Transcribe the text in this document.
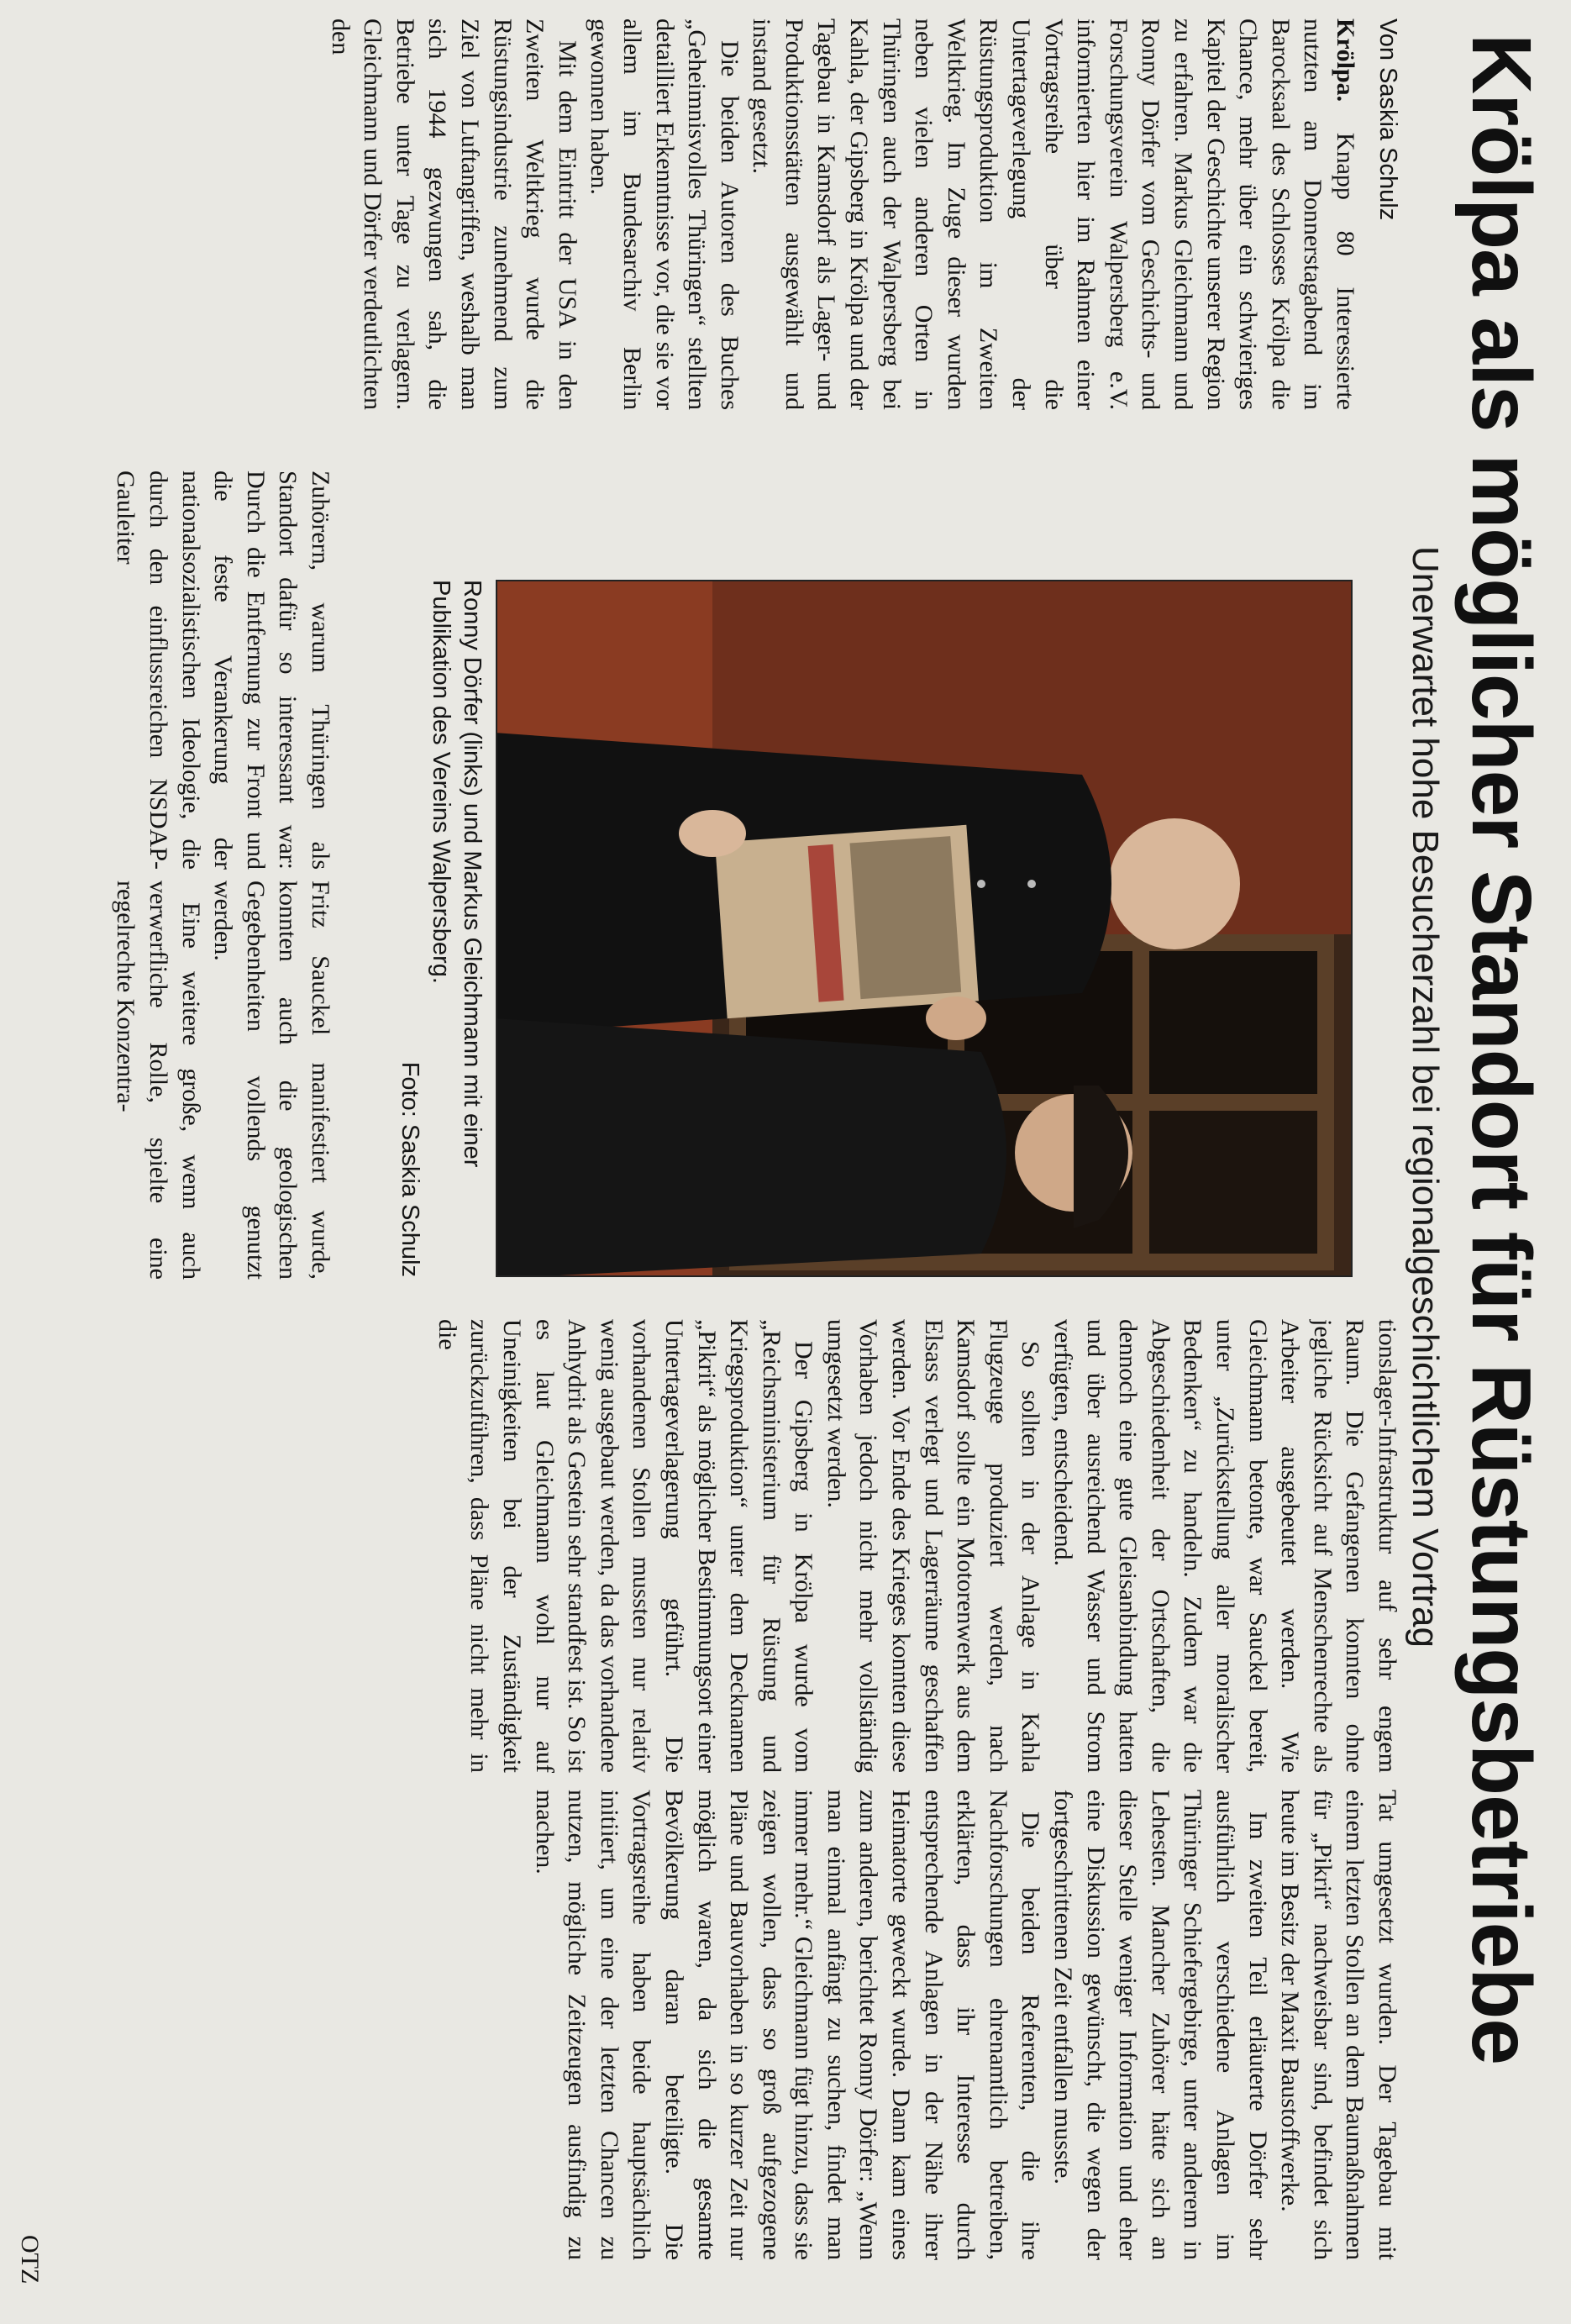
Krölpa als möglicher Standort für Rüstungsbetriebe
Unerwartet hohe Besucherzahl bei regionalgeschichtlichem Vortrag
Von Saskia Schulz

Krölpa. Knapp 80 Interessierte nutzten am Donnerstagabend im Barocksaal des Schlosses Krölpa die Chance, mehr über ein schwieriges Kapitel der Geschichte unserer Region zu erfahren. Markus Gleichmann und Ronny Dörfer vom Geschichts- und Forschungsverein Walpersberg e.V. informierten hier im Rahmen einer Vortragsreihe über die Untertageverlegung der Rüstungsproduktion im Zweiten Weltkrieg. Im Zuge dieser wurden neben vielen anderen Orten in Thüringen auch der Walpersberg bei Kahla, der Gipsberg in Krölpa und der Tagebau in Kamsdorf als Lager- und Produktionsstätten ausgewählt und instand gesetzt.

Die beiden Autoren des Buches „Geheimnisvolles Thüringen“ stellten detailliert Erkenntnisse vor, die sie vor allem im Bundesarchiv Berlin gewonnen haben.

Mit dem Eintritt der USA in den Zweiten Weltkrieg wurde die Rüstungsindustrie zunehmend zum Ziel von Luftangriffen, weshalb man sich 1944 gezwungen sah, die Betriebe unter Tage zu verlagern. Gleichmann und Dörfer verdeutlichten den

Ronny Dörfer (links) und Markus Gleichmann mit einer Publikation des Vereins Walpersberg.
Foto: Saskia Schulz

Zuhörern, warum Thüringen als Standort dafür so interessant war: Durch die Entfernung zur Front und die feste Verankerung der nationalsozialistischen Ideologie, die durch den einflussreichen NSDAP-Gauleiter

Fritz Sauckel manifestiert wurde, konnten auch die geologischen Gegebenheiten vollends genutzt werden.

Eine weitere große, wenn auch verwerfliche Rolle, spielte eine regelrechte Konzentra-

tionslager-Infrastruktur auf sehr engem Raum. Die Gefangenen konnten ohne jegliche Rücksicht auf Menschenrechte als Arbeiter ausgebeutet werden. Wie Gleichmann betonte, war Sauckel bereit, unter „Zurückstellung aller moralischer Bedenken“ zu handeln. Zudem war die Abgeschiedenheit der Ortschaften, die dennoch eine gute Gleisanbindung hatten und über ausreichend Wasser und Strom verfügten, entscheidend.

So sollten in der Anlage in Kahla Flugzeuge produziert werden, nach Kamsdorf sollte ein Motorenwerk aus dem Elsass verlegt und Lagerräume geschaffen werden. Vor Ende des Krieges konnten diese Vorhaben jedoch nicht mehr vollständig umgesetzt werden.

Der Gipsberg in Krölpa wurde vom „Reichsministerium für Rüstung und Kriegsproduktion“ unter dem Decknamen „Pikrit“ als möglicher Bestimmungsort einer Untertageverlagerung geführt. Die vorhandenen Stollen mussten nur relativ wenig ausgebaut werden, da das vorhandene Anhydrit als Gestein sehr standfest ist. So ist es laut Gleichmann wohl nur auf Uneinigkeiten bei der Zuständigkeit zurückzuführen, dass Pläne nicht mehr in die

Tat umgesetzt wurden. Der Tagebau mit einem letzten Stollen an dem Baumaßnahmen für „Pikrit“ nachweisbar sind, befindet sich heute im Besitz der Maxit Baustoffwerke.

Im zweiten Teil erläuterte Dörfer sehr ausführlich verschiedene Anlagen im Thüringer Schiefergebirge, unter anderem in Lehesten. Mancher Zuhörer hätte sich an dieser Stelle weniger Information und eher eine Diskussion gewünscht, die wegen der fortgeschrittenen Zeit entfallen musste.

Die beiden Referenten, die ihre Nachforschungen ehrenamtlich betreiben, erklärten, dass ihr Interesse durch entsprechende Anlagen in der Nähe ihrer Heimatorte geweckt wurde. Dann kam eines zum anderen, berichtet Ronny Dörfer: „Wenn man einmal anfängt zu suchen, findet man immer mehr.“ Gleichmann fügt hinzu, dass sie zeigen wollen, dass so groß aufgezogene Pläne und Bauvorhaben in so kurzer Zeit nur möglich waren, da sich die gesamte Bevölkerung daran beteiligte. Die Vortragsreihe haben beide hauptsächlich initiiert, um eine der letzten Chancen zu nutzen, mögliche Zeitzeugen ausfindig zu machen.

OTZ
